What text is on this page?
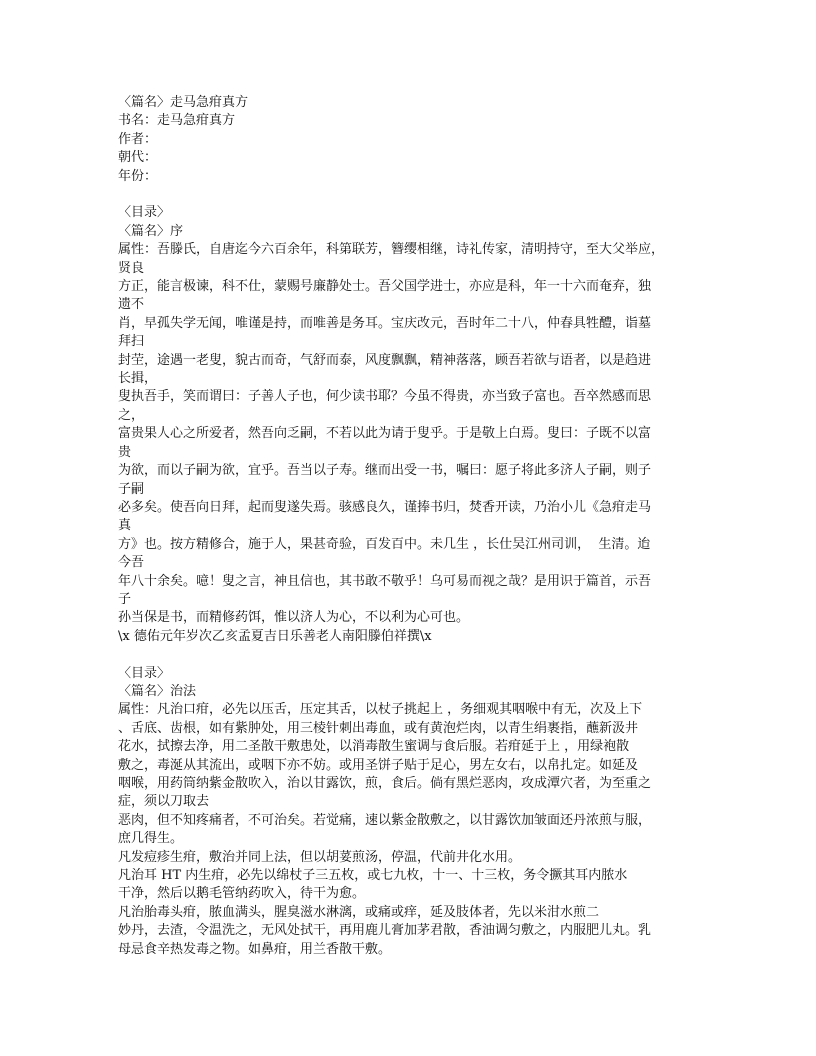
〈篇名〉走马急疳真方
书名：走马急疳真方
作者：
朝代：
年份：
〈目录〉
〈篇名〉序
属性：吾滕氏，自唐迄今六百余年，科第联芳，簪缨相继，诗礼传家，清明持守，至大父举应，
贤良
方正，能言极谏，科不仕，蒙赐号廉静处士。吾父国学进士，亦应是科，年一十六而奄弃，独
遗不
肖，早孤失学无闻，唯谨是持，而唯善是务耳。宝庆改元，吾时年二十八，仲春具牲醴，诣墓
拜扫
封茔，途遇一老叟，貌古而奇，气舒而泰，风度飘飘，精神落落，顾吾若欲与语者，以是趋进
长揖，
叟执吾手，笑而谓曰：子善人子也，何少读书耶？今虽不得贵，亦当致子富也。吾卒然感而思
之，
富贵果人心之所爱者，然吾向乏嗣，不若以此为请于叟乎。于是敬上白焉。叟曰：子既不以富
贵
为欲，而以子嗣为欲，宜乎。吾当以子寿。继而出受一书，嘱曰：愿子将此多济人子嗣，则子
子嗣
必多矣。使吾向日拜，起而叟遂失焉。骇感良久，谨捧书归，焚香开读，乃治小儿《急疳走马
真
方》也。按方精修合，施于人，果甚奇验，百发百中。未几生 ，长仕吴江州司训，  生清。迨
今吾
年八十余矣。噫！叟之言，神且信也，其书敢不敬乎！乌可易而视之哉？是用识于篇首，示吾
子
孙当保是书，而精修药饵，惟以济人为心，不以利为心可也。
\x 德佑元年岁次乙亥孟夏吉日乐善老人南阳滕伯祥撰\x
〈目录〉
〈篇名〉治法
属性：凡治口疳，必先以压舌，压定其舌，以杖子挑起上 ，务细观其咽喉中有无，次及上下
、舌底、齿根，如有紫肿处，用三棱针刺出毒血，或有黄泡烂肉，以青生绢裹指，蘸新汲井
花水，拭擦去净，用二圣散干敷患处，以消毒散生蜜调与食后服。若疳延于上 ，用绿袍散
敷之，毒涎从其流出，或咽下亦不妨。或用圣饼子贴于足心，男左女右，以帛扎定。如延及
咽喉，用药筒纳紫金散吹入，治以甘露饮，煎，食后。倘有黑烂恶肉，攻成潭穴者，为至重之
症，须以刀取去
恶肉，但不知疼痛者，不可治矣。若觉痛，速以紫金散敷之，以甘露饮加皱面还丹浓煎与服，
庶几得生。
凡发痘疹生疳，敷治并同上法，但以胡荽煎汤，停温，代前井化水用。
凡治耳 HT 内生疳，必先以绵杖子三五枚，或七九枚，十一、十三枚，务令撅其耳内脓水
干净，然后以鹅毛管纳药吹入，待干为愈。
凡治胎毒头疳，脓血满头，腥臭滋水淋漓，或痛或痒，延及肢体者，先以米泔水煎二
妙丹，去渣，令温洗之，无风处拭干，再用鹿儿膏加茅君散，香油调匀敷之，内服肥儿丸。乳
母忌食辛热发毒之物。如鼻疳，用兰香散干敷。
